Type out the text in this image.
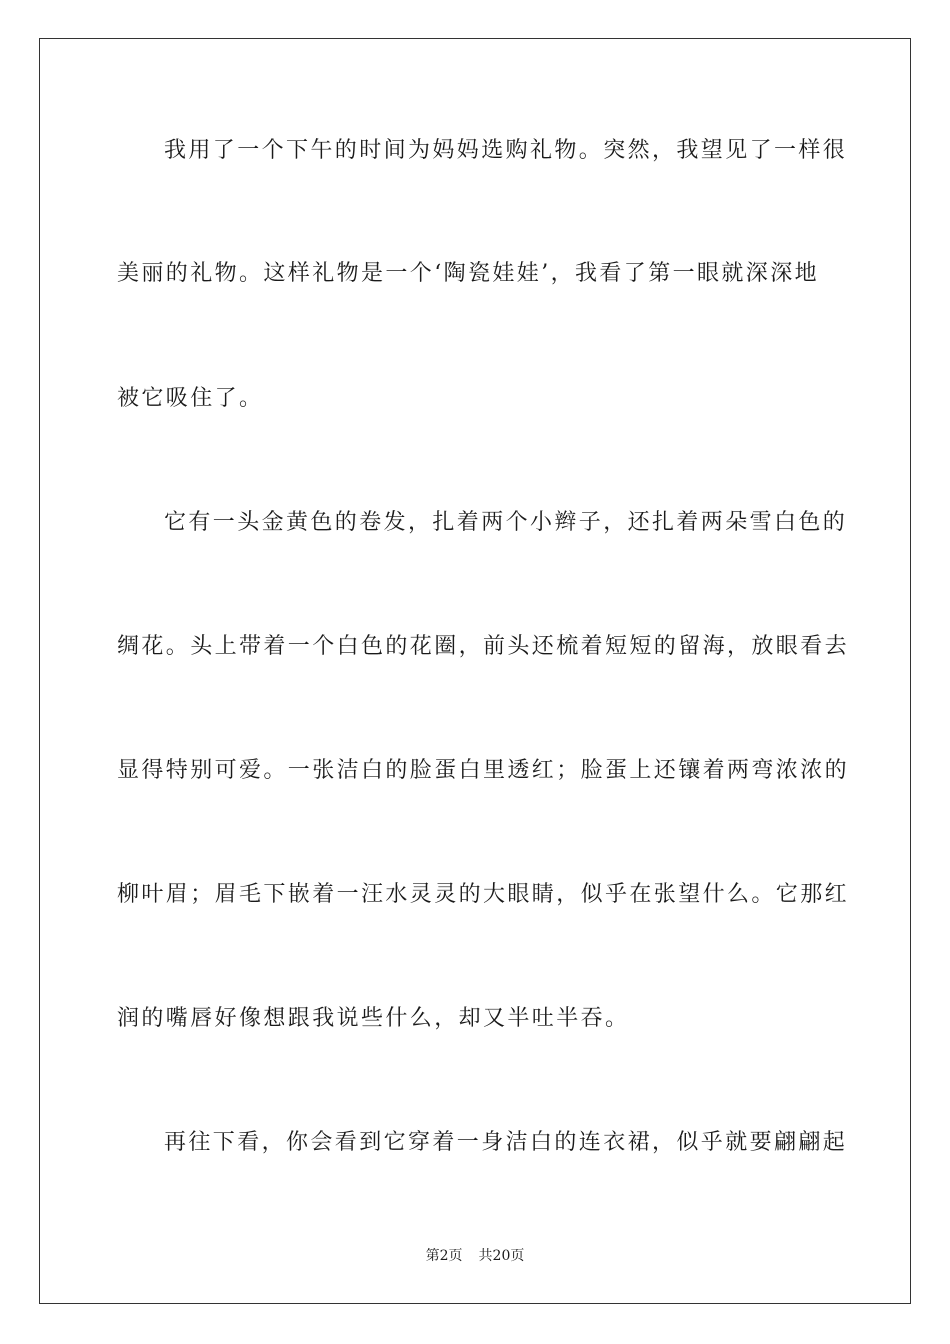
我用了一个下午的时间为妈妈选购礼物。突然，我望见了一样很
美丽的礼物。这样礼物是一个‘陶瓷娃娃’，我看了第一眼就深深地
被它吸住了。
它有一头金黄色的卷发，扎着两个小辫子，还扎着两朵雪白色的
绸花。头上带着一个白色的花圈，前头还梳着短短的留海，放眼看去
显得特别可爱。一张洁白的脸蛋白里透红；脸蛋上还镶着两弯浓浓的
柳叶眉；眉毛下嵌着一汪水灵灵的大眼睛，似乎在张望什么。它那红
润的嘴唇好像想跟我说些什么，却又半吐半吞。
再往下看，你会看到它穿着一身洁白的连衣裙，似乎就要翩翩起
第2页 共20页
